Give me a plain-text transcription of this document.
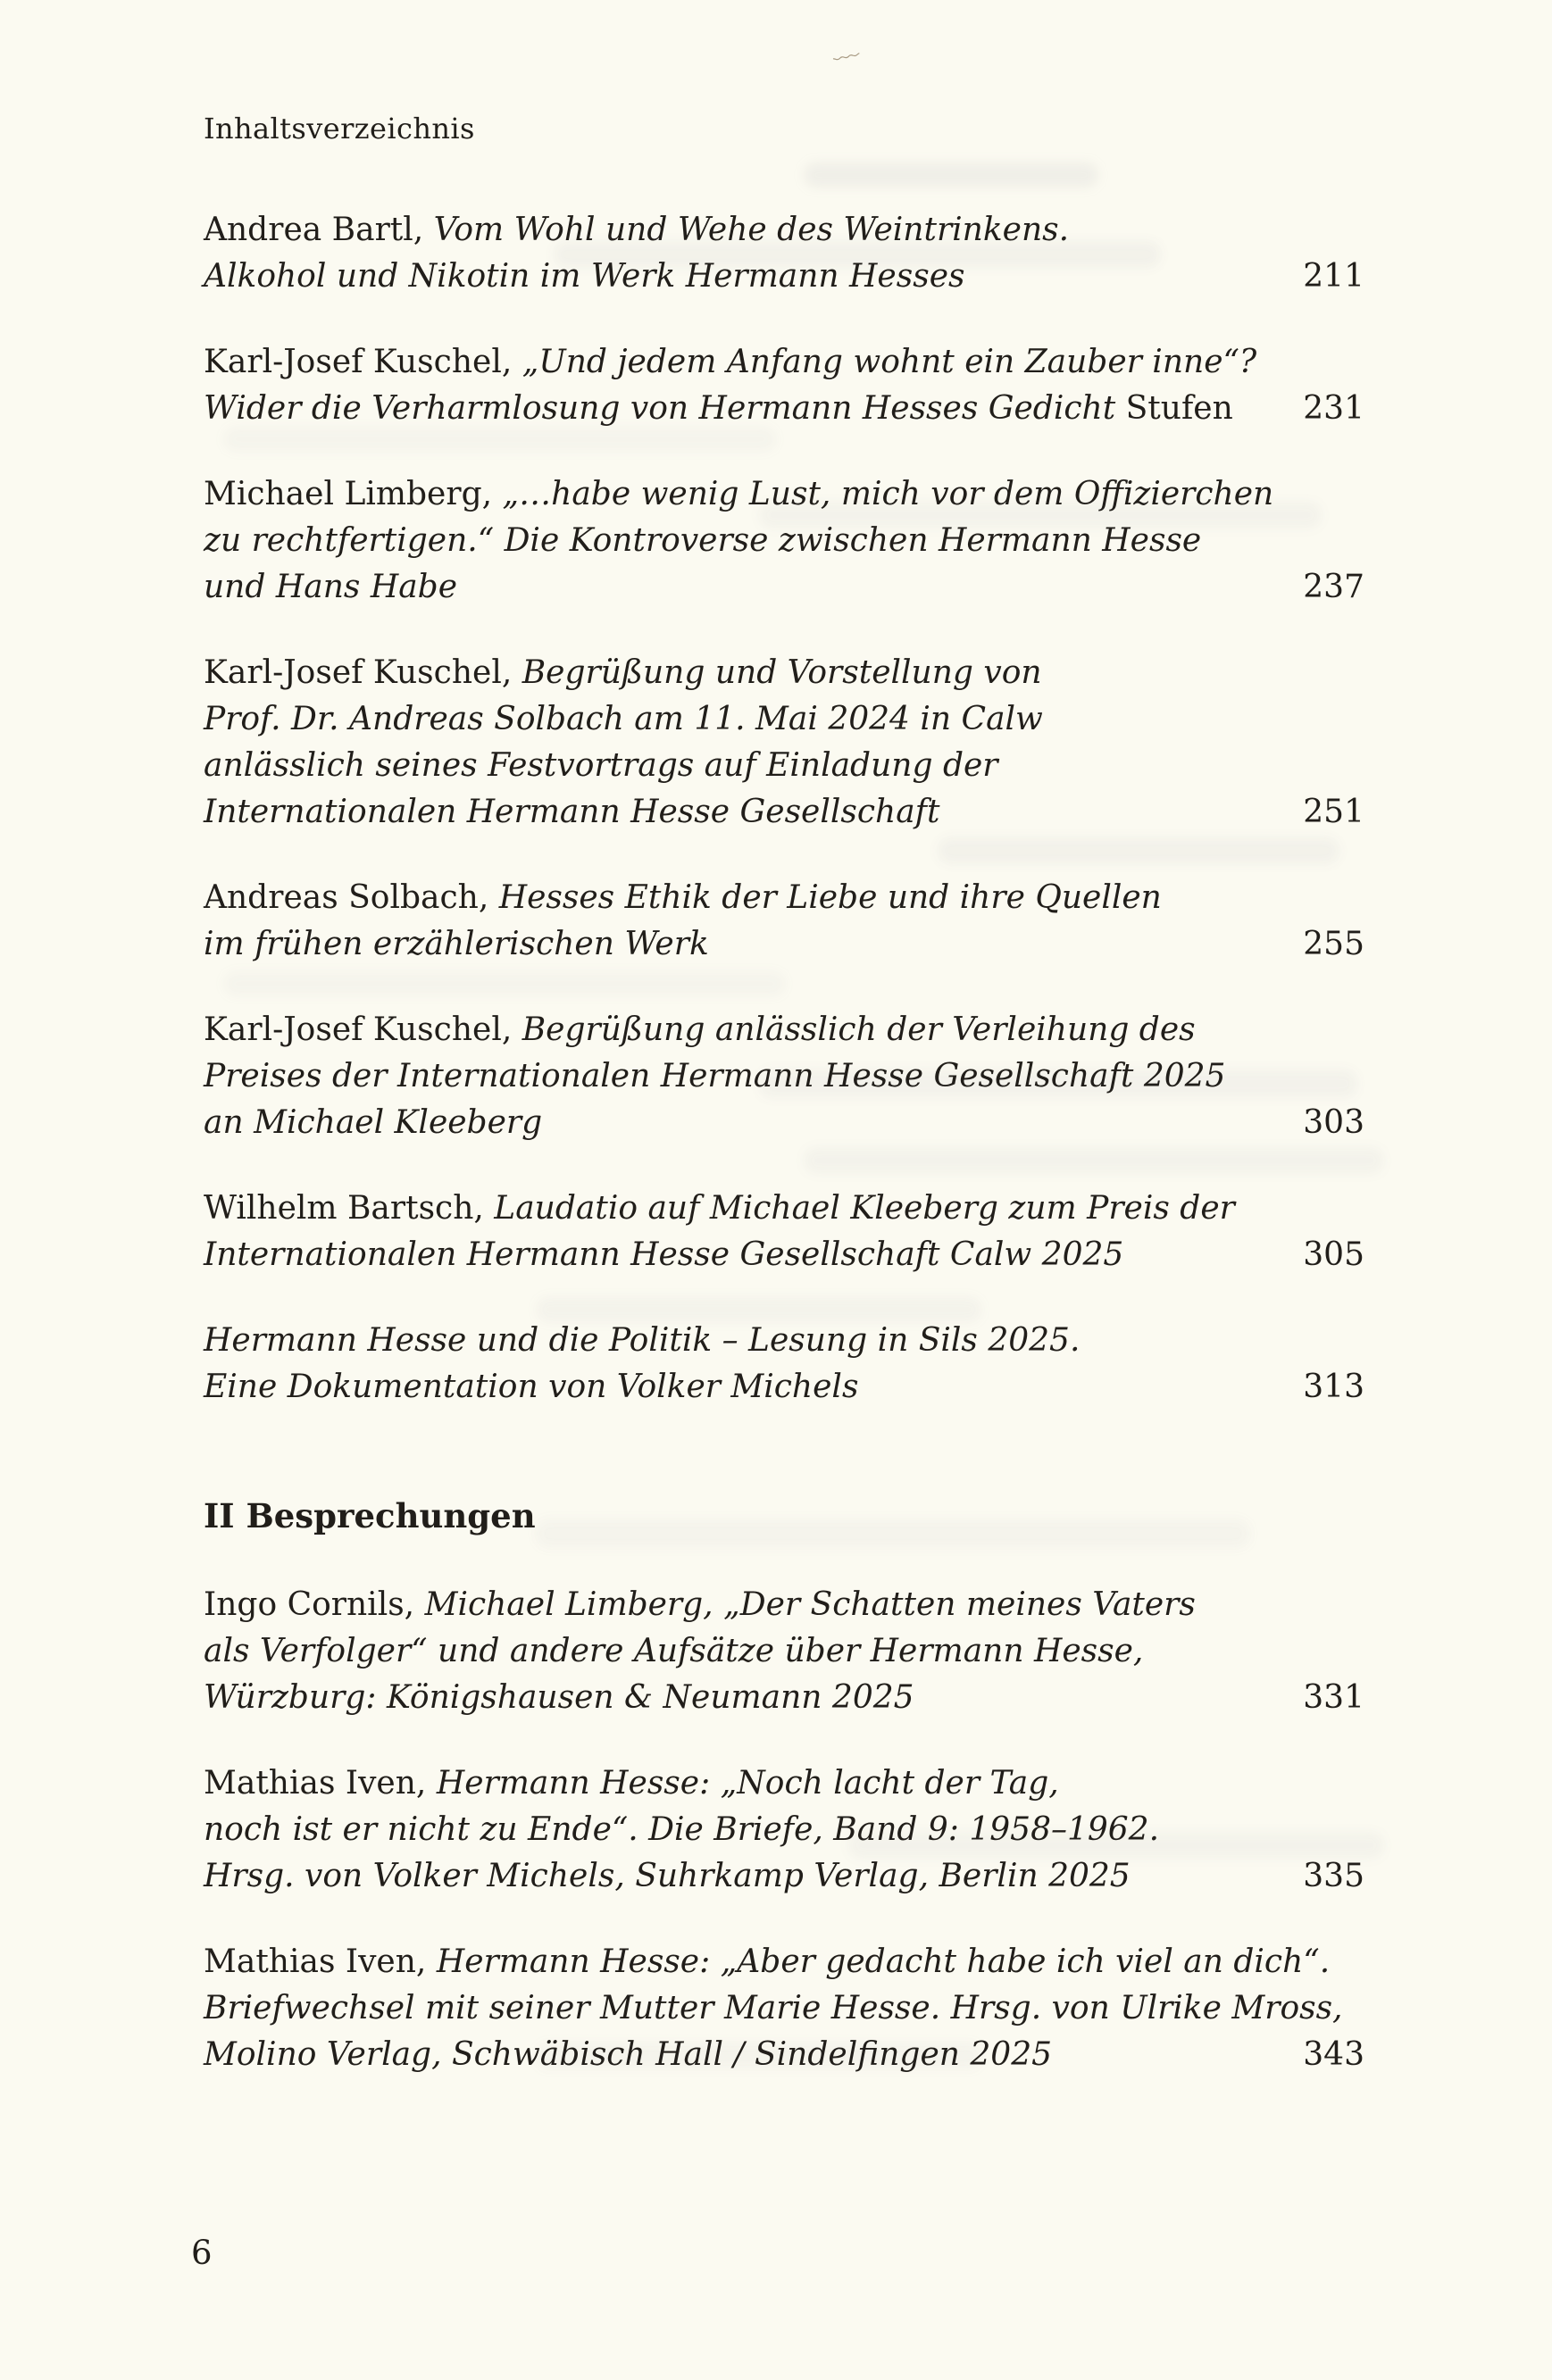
﹏
Inhaltsverzeichnis
Andrea Bartl, Vom Wohl und Wehe des Weintrinkens.
Alkohol und Nikotin im Werk Hermann Hesses	211
Karl-Josef Kuschel, „Und jedem Anfang wohnt ein Zauber inne“?
Wider die Verharmlosung von Hermann Hesses Gedicht Stufen	231
Michael Limberg, „…habe wenig Lust, mich vor dem Offizierchen
zu rechtfertigen.“ Die Kontroverse zwischen Hermann Hesse
und Hans Habe	237
Karl-Josef Kuschel, Begrüßung und Vorstellung von
Prof. Dr. Andreas Solbach am 11. Mai 2024 in Calw
anlässlich seines Festvortrags auf Einladung der
Internationalen Hermann Hesse Gesellschaft	251
Andreas Solbach, Hesses Ethik der Liebe und ihre Quellen
im frühen erzählerischen Werk	255
Karl-Josef Kuschel, Begrüßung anlässlich der Verleihung des
Preises der Internationalen Hermann Hesse Gesellschaft 2025
an Michael Kleeberg	303
Wilhelm Bartsch, Laudatio auf Michael Kleeberg zum Preis der
Internationalen Hermann Hesse Gesellschaft Calw 2025	305
Hermann Hesse und die Politik – Lesung in Sils 2025.
Eine Dokumentation von Volker Michels	313
II Besprechungen
Ingo Cornils, Michael Limberg, „Der Schatten meines Vaters
als Verfolger“ und andere Aufsätze über Hermann Hesse,
Würzburg: Königshausen & Neumann 2025	331
Mathias Iven, Hermann Hesse: „Noch lacht der Tag,
noch ist er nicht zu Ende“. Die Briefe, Band 9: 1958–1962.
Hrsg. von Volker Michels, Suhrkamp Verlag, Berlin 2025	335
Mathias Iven, Hermann Hesse: „Aber gedacht habe ich viel an dich“.
Briefwechsel mit seiner Mutter Marie Hesse. Hrsg. von Ulrike Mross,
Molino Verlag, Schwäbisch Hall / Sindelfingen 2025	343
6
